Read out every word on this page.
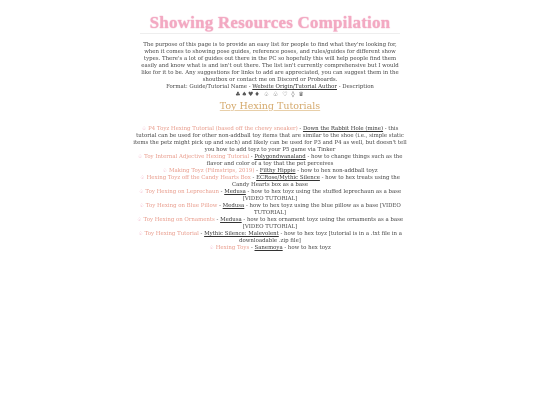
Showing Resources Compilation
The purpose of this page is to provide an easy list for people to find what they're looking for, when it comes to showing pose guides, reference poses, and rules/guides for different show types. There's a lot of guides out there in the PC so hopefully this will help people find them easily and know what is and isn't out there. The list isn't currently comprehensive but I would like for it to be. Any suggestions for links to add are appreciated, you can suggest them in the shoutbox or contact me on Discord or Proboards.
Format: Guide/Tutorial Name - Website Origin/Tutorial Author - Description
♣♠♥♦ ♤ ♧ ♡ ◊ ♛
Toy Hexing Tutorials

♤ P4 Toyz Hexing Tutorial (based off the chewy sneaker) - Down the Rabbit Hole (mine) - this tutorial can be used for other non-addball toy items that are similar to the shoe (i.e., simple static items the petz might pick up and such) and likely can be used for P3 and P4 as well, but doesn't tell you how to add toyz to your P5 game via Tinker

♤ Toy Internal Adjective Hexing Tutorial - Polygondwanaland - how to change things such as the flavor and color of a toy that the pet perceives

♤ Making Toyz (Filmstrips, 2019) - Filthy Hippie - how to hex non-addball toyz

♤ Hexing Toyz off the Candy Hearts Box - ECRose/Mythic Silence - how to hex treats using the Candy Hearts box as a base

♤ Toy Hexing on Leprechaun - Medusa - how to hex toyz using the stuffed leprechaun as a base [VIDEO TUTORIAL]

♤ Toy Hexing on Blue Pillow - Medusa - how to hex toyz using the blue pillow as a base [VIDEO TUTORIAL]

♤ Toy Hexing on Ornaments - Medusa - how to hex ornament toyz using the ornaments as a base [VIDEO TUTORIAL]

♤ Toy Hexing Tutorial - Mythic Silence: Malevolent - how to hex toyz [tutorial is in a .txt file in a downloadable .zip file]

♤ Hexing Toys - Sanemoya - how to hex toyz
